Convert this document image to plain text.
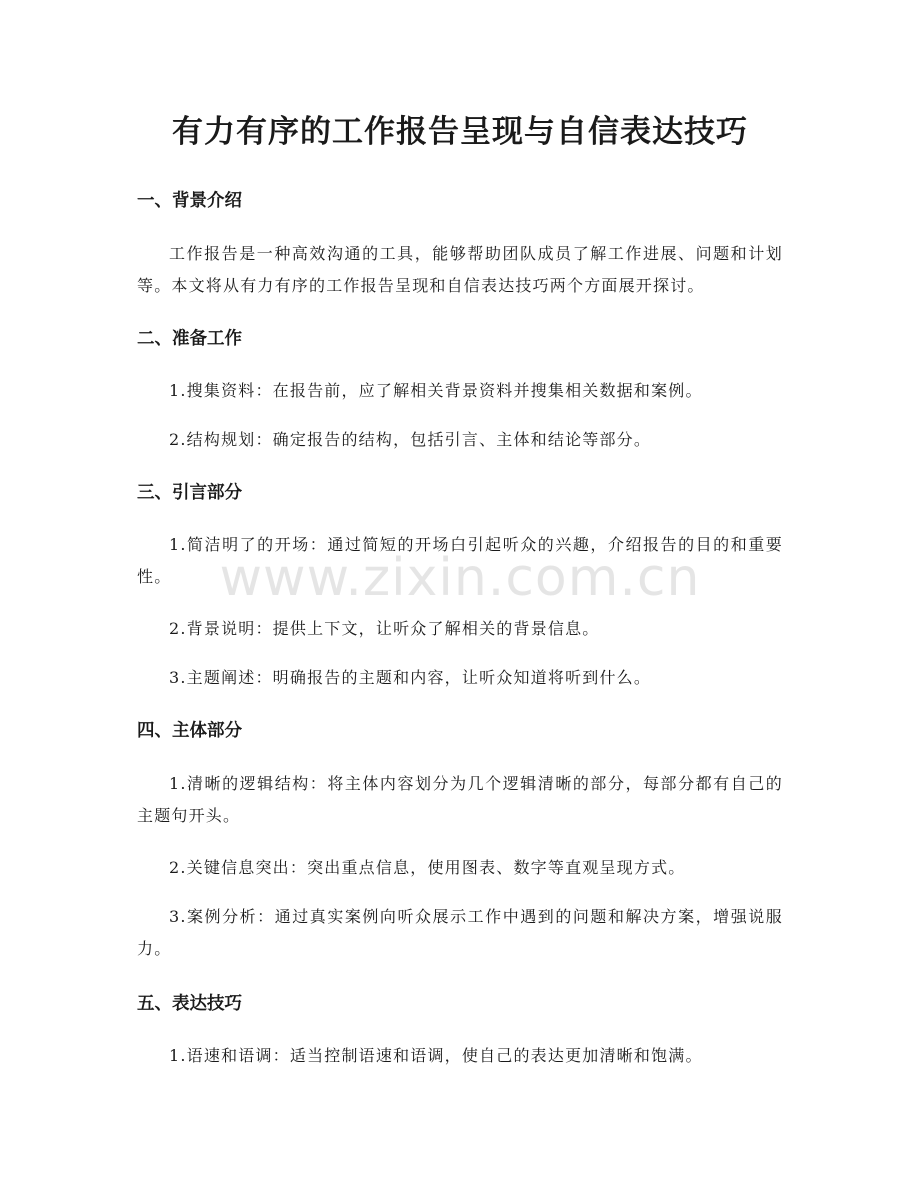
有力有序的工作报告呈现与自信表达技巧
一、背景介绍

工作报告是一种高效沟通的工具，能够帮助团队成员了解工作进展、问题和计划等。本文将从有力有序的工作报告呈现和自信表达技巧两个方面展开探讨。

二、准备工作

1.搜集资料：在报告前，应了解相关背景资料并搜集相关数据和案例。

2.结构规划：确定报告的结构，包括引言、主体和结论等部分。

三、引言部分

1.简洁明了的开场：通过简短的开场白引起听众的兴趣，介绍报告的目的和重要性。

2.背景说明：提供上下文，让听众了解相关的背景信息。

3.主题阐述：明确报告的主题和内容，让听众知道将听到什么。

四、主体部分

1.清晰的逻辑结构：将主体内容划分为几个逻辑清晰的部分，每部分都有自己的主题句开头。

2.关键信息突出：突出重点信息，使用图表、数字等直观呈现方式。

3.案例分析：通过真实案例向听众展示工作中遇到的问题和解决方案，增强说服力。

五、表达技巧

1.语速和语调：适当控制语速和语调，使自己的表达更加清晰和饱满。

www.zixin.com.cn
